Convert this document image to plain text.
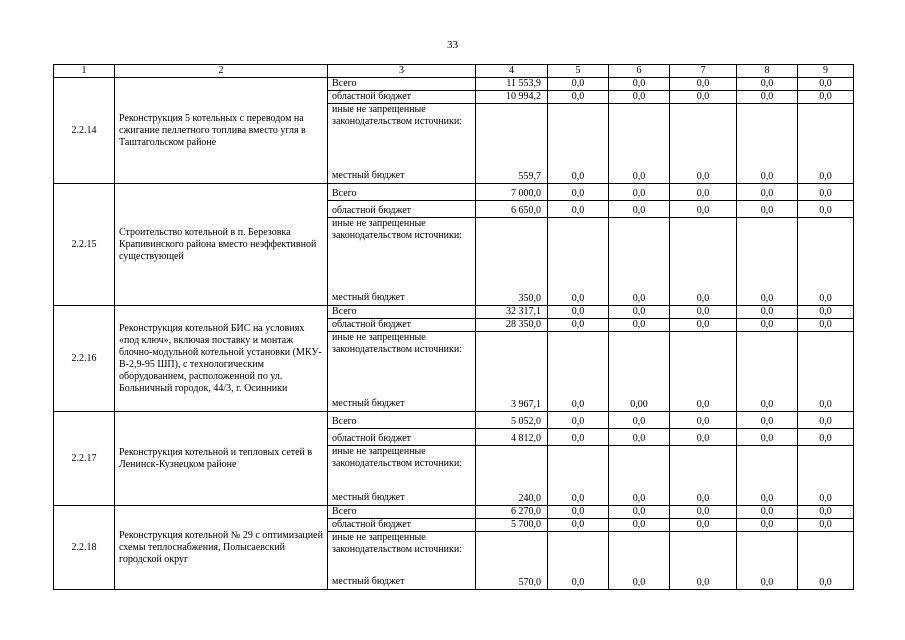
33
1	2	3	4	5	6	7	8	9
2.2.14	Реконструкция 5 котельных с переводом на сжигание пеллетного топлива вместо угля в Таштагольском районе	Всего	11 553,9	0,0	0,0	0,0	0,0	0,0
		областной бюджет	10 994,2	0,0	0,0	0,0	0,0	0,0

		иные не запрещенные законодательством источники:
местный бюджет	559,7	0,0	0,0	0,0	0,0	0,0
2.2.15	Строительство котельной в п. Березовка Крапивинского района вместо неэффективной существующей	Всего	7 000,0	0,0	0,0	0,0	0,0	0,0
		областной бюджет	6 650,0	0,0	0,0	0,0	0,0	0,0

		иные не запрещенные законодательством источники:
местный бюджет	350,0	0,0	0,0	0,0	0,0	0,0
2.2.16	Реконструкция котельной БИС на условиях «под ключ», включая поставку и монтаж блочно-модульной котельной установки (МКУ-В-2,9-95 ШП), с технологическим оборудованием, расположенной по ул. Больничный городок, 44/3, г. Осинники	Всего	32 317,1	0,0	0,0	0,0	0,0	0,0
		областной бюджет	28 350,0	0,0	0,0	0,0	0,0	0,0

		иные не запрещенные законодательством источники:
местный бюджет	3 967,1	0,0	0,00	0,0	0,0	0,0
2.2.17	Реконструкция котельной и тепловых сетей в Ленинск-Кузнецком районе	Всего	5 052,0	0,0	0,0	0,0	0,0	0,0
		областной бюджет	4 812,0	0,0	0,0	0,0	0,0	0,0

		иные не запрещенные законодательством источники:
местный бюджет	240,0	0,0	0,0	0,0	0,0	0,0
2.2.18	Реконструкция котельной № 29 с оптимизацией схемы теплоснабжения, Полысаевский городской округ	Всего	6 270,0	0,0	0,0	0,0	0,0	0,0
		областной бюджет	5 700,0	0,0	0,0	0,0	0,0	0,0

		иные не запрещенные законодательством источники:
местный бюджет	570,0	0,0	0,0	0,0	0,0	0,0
